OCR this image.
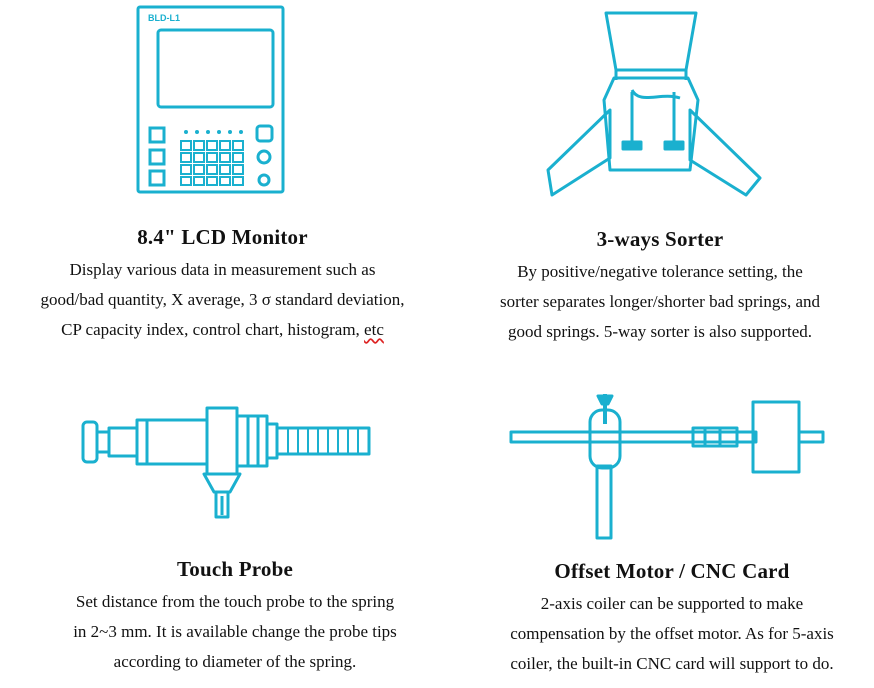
BLD-L1
8.4" LCD Monitor
Display various data in measurement such as
good/bad quantity, X average, 3 σ standard deviation,
CP capacity index, control chart, histogram, etc
3-ways Sorter
By positive/negative tolerance setting, the
sorter separates longer/shorter bad springs, and
good springs. 5-way sorter is also supported.
Touch Probe
Set distance from the touch probe to the spring
in 2~3 mm. It is available change the probe tips
according to diameter of the spring.
Offset Motor / CNC Card
2-axis coiler can be supported to make
compensation by the offset motor. As for 5-axis
coiler, the built-in CNC card will support to do.
